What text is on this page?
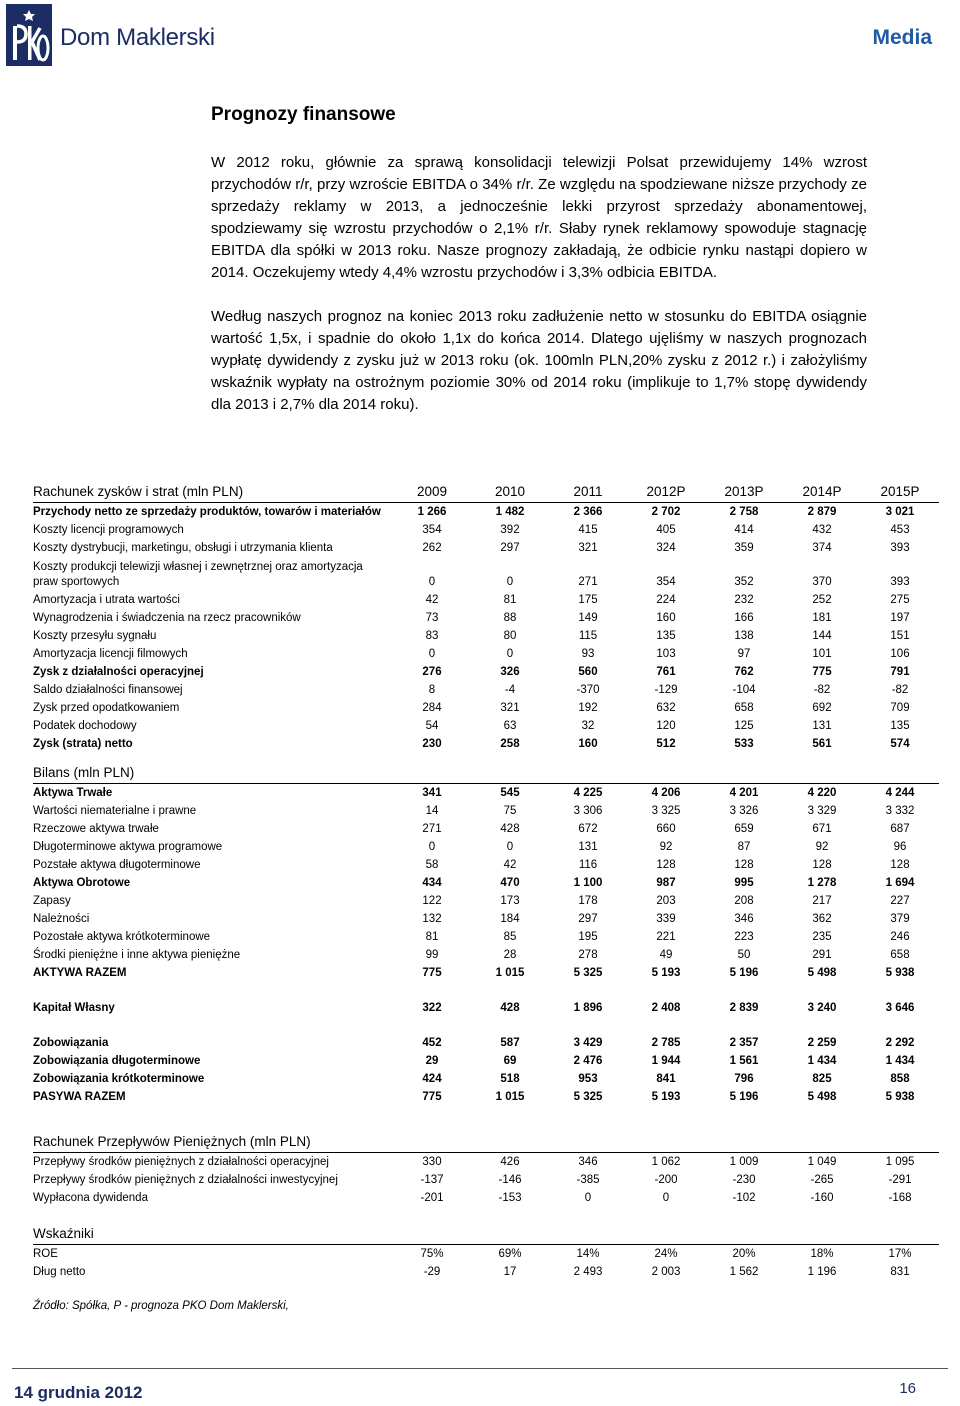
Dom Maklerski	Media
Prognozy finansowe

W 2012 roku, głównie za sprawą konsolidacji telewizji Polsat przewidujemy 14% wzrost przychodów r/r, przy wzroście EBITDA o 34% r/r. Ze względu na spodziewane niższe przychody ze sprzedaży reklamy w 2013, a jednocześnie lekki przyrost sprzedaży abonamentowej, spodziewamy się wzrostu przychodów o 2,1% r/r. Słaby rynek reklamowy spowoduje stagnację EBITDA dla spółki w 2013 roku. Nasze prognozy zakładają, że odbicie rynku nastąpi dopiero w 2014. Oczekujemy wtedy 4,4% wzrostu przychodów i 3,3% odbicia EBITDA.

Według naszych prognoz na koniec 2013 roku zadłużenie netto w stosunku do EBITDA osiągnie wartość 1,5x, i spadnie do około 1,1x do końca 2014. Dlatego ujęliśmy w naszych prognozach wypłatę dywidendy z zysku już w 2013 roku (ok. 100mln PLN,20% zysku z 2012 r.) i założyliśmy wskaźnik wypłaty na ostrożnym poziomie 30% od 2014 roku (implikuje to 1,7% stopę dywidendy dla 2013 i 2,7% dla 2014 roku).

Rachunek zysków i strat (mln PLN)	2009	2010	2011	2012P	2013P	2014P	2015P
Przychody netto ze sprzedaży produktów, towarów i materiałów	1 266	1 482	2 366	2 702	2 758	2 879	3 021
Koszty licencji programowych	354	392	415	405	414	432	453
Koszty dystrybucji, marketingu, obsługi i utrzymania klienta	262	297	321	324	359	374	393
Koszty produkcji telewizji własnej i zewnętrznej oraz amortyzacja							
praw sportowych	0	0	271	354	352	370	393
Amortyzacja i utrata wartości	42	81	175	224	232	252	275
Wynagrodzenia i świadczenia na rzecz pracowników	73	88	149	160	166	181	197
Koszty przesyłu sygnału	83	80	115	135	138	144	151
Amortyzacja licencji filmowych	0	0	93	103	97	101	106
Zysk z działalności operacyjnej	276	326	560	761	762	775	791
Saldo działalności finansowej	8	-4	-370	-129	-104	-82	-82
Zysk przed opodatkowaniem	284	321	192	632	658	692	709
Podatek dochodowy	54	63	32	120	125	131	135
Zysk (strata) netto	230	258	160	512	533	561	574
Bilans (mln PLN)							
Aktywa Trwałe	341	545	4 225	4 206	4 201	4 220	4 244
Wartości niematerialne i prawne	14	75	3 306	3 325	3 326	3 329	3 332
Rzeczowe aktywa trwałe	271	428	672	660	659	671	687
Długoterminowe aktywa programowe	0	0	131	92	87	92	96
Pozstałe aktywa długoterminowe	58	42	116	128	128	128	128
Aktywa Obrotowe	434	470	1 100	987	995	1 278	1 694
Zapasy	122	173	178	203	208	217	227
Należności	132	184	297	339	346	362	379
Pozostałe aktywa krótkoterminowe	81	85	195	221	223	235	246
Środki pieniężne i inne aktywa pieniężne	99	28	278	49	50	291	658
AKTYWA RAZEM	775	1 015	5 325	5 193	5 196	5 498	5 938

Kapitał Własny	322	428	1 896	2 408	2 839	3 240	3 646

Zobowiązania	452	587	3 429	2 785	2 357	2 259	2 292
Zobowiązania długoterminowe	29	69	2 476	1 944	1 561	1 434	1 434
Zobowiązania krótkoterminowe	424	518	953	841	796	825	858
PASYWA RAZEM	775	1 015	5 325	5 193	5 196	5 498	5 938
Rachunek Przepływów Pieniężnych (mln PLN)							
Przepływy środków pieniężnych z działalności operacyjnej	330	426	346	1 062	1 009	1 049	1 095
Przepływy środków pieniężnych z działalności inwestycyjnej	-137	-146	-385	-200	-230	-265	-291
Wypłacona dywidenda	-201	-153	0	0	-102	-160	-168
Wskaźniki							
ROE	75%	69%	14%	24%	20%	18%	17%
Dług netto	-29	17	2 493	2 003	1 562	1 196	831
Źródło: Spółka, P - prognoza PKO Dom Maklerski,
14 grudnia 2012	16
